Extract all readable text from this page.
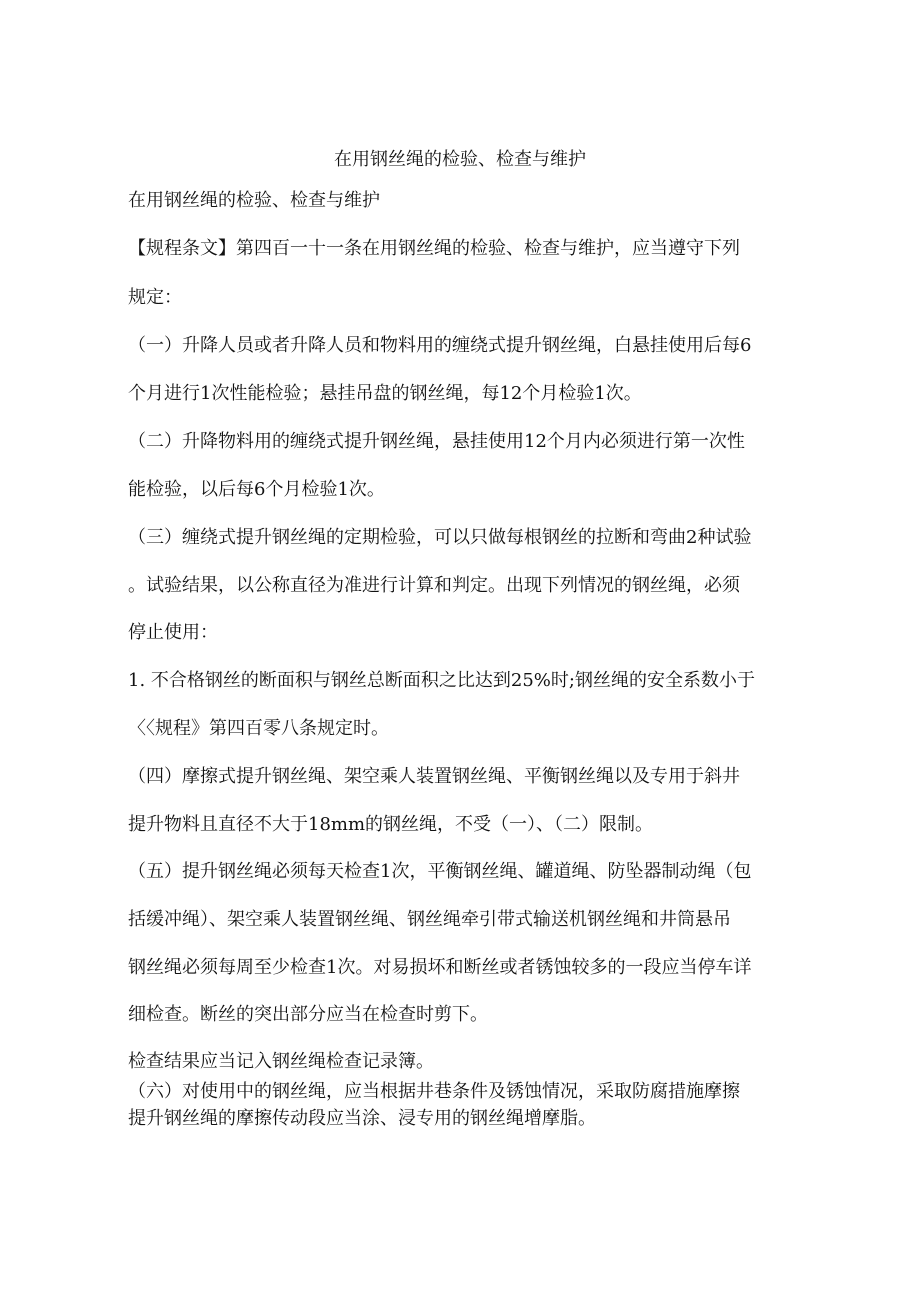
在用钢丝绳的检验、检查与维护
在用钢丝绳的检验、检查与维护
【规程条文】第四百一十一条在用钢丝绳的检验、检查与维护，应当遵守下列
规定：
（一）升降人员或者升降人员和物料用的缠绕式提升钢丝绳，白悬挂使用后每6
个月进行1次性能检验；悬挂吊盘的钢丝绳，每12个月检验1次。
（二）升降物料用的缠绕式提升钢丝绳，悬挂使用12个月内必须进行第一次性
能检验，以后每6个月检验1次。
（三）缠绕式提升钢丝绳的定期检验，可以只做每根钢丝的拉断和弯曲2种试验
。试验结果，以公称直径为准进行计算和判定。出现下列情况的钢丝绳，必须
停止使用：
1. 不合格钢丝的断面积与钢丝总断面积之比达到25%时;钢丝绳的安全系数小于
〈〈规程》第四百零八条规定时。
（四）摩擦式提升钢丝绳、架空乘人装置钢丝绳、平衡钢丝绳以及专用于斜井
提升物料且直径不大于18mm的钢丝绳，不受（一）、（二）限制。
（五）提升钢丝绳必须每天检查1次，平衡钢丝绳、罐道绳、防坠器制动绳（包
括缓冲绳）、架空乘人装置钢丝绳、钢丝绳牵引带式输送机钢丝绳和井筒悬吊
钢丝绳必须每周至少检查1次。对易损坏和断丝或者锈蚀较多的一段应当停车详
细检查。断丝的突出部分应当在检查时剪下。
检查结果应当记入钢丝绳检查记录簿。
（六）对使用中的钢丝绳，应当根据井巷条件及锈蚀情况，采取防腐措施摩擦
提升钢丝绳的摩擦传动段应当涂、浸专用的钢丝绳增摩脂。
